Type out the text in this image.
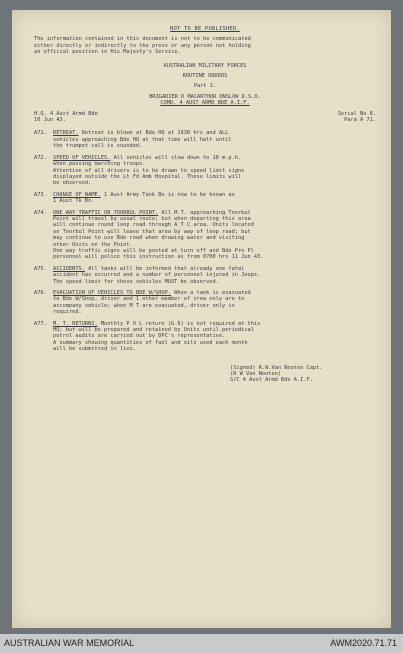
NOT TO BE PUBLISHED.
The information contained in this document is not to be communicated
either directly or indirectly to the press or any person not holding
an official position in His Majesty's Service.
AUSTRALIAN MILITARY FORCES
ROUTINE ORDERS
Part 1.
BRIGADIER D MACARTHUR ONSLOW D.S.O.
COMD. 4 AUST ARMD BDE A.I.F.
H.Q. 4 Aust Armd Bde	Serial No 8.
10 Jun 43.	Para A 71.
A71.	RETREAT. Retreat is blown at Bde HQ at 1630 hrs and ALL
vehicles approaching Bde HQ at that time will halt until
the trumpet call is sounded.
A72.	SPEED OF VEHICLES. All vehicles will slow down to 10 m.p.h.
when passing marching troops.
Attention of all drivers is to be drawn to speed limit signs
displayed outside the Lt Fd Amb Hospital. These limits will
be observed.
A73.	CHANGE OF NAME. 1 Aust Army Tank Bn is now to be known as
1 Aust Tk Bn.
A74.	ONE WAY TRAFFIC ON TOORBUL POINT. All M.T. approaching Toorbul
Point will travel by usual route; but when departing this area
will continue round loop road through A T C area. Units located
on Toorbul Point will leave that area by way of loop road; but
may continue to use Bde road when drawing water and visiting
other Units on the Point.
One way traffic signs will be posted at turn off and Bde Pro Pl
personnel will police this instruction as from 0700 hrs 11 Jun 43.
A75.	ACCIDENTS. All tanks will be informed that already one fatal
accident has occurred and a number of personnel injured in Jeeps.
The speed limit for these vehicles MUST be observed.
A76.	EVACUATION OF VEHICLES TO BDE W/SHOP. When a tank is evacuated
to Bde W/Shop, driver and 1 other member of crew only are to
accompany vehicle; when M T are evacuated, driver only is
required.
A77.	M. T. RETURNS. Monthly P O L return (G 6) is not required at this
HQ; but will be prepared and retained by Units until periodical
petrol audits are carried out by DPC's representative.
A summary showing quantities of fuel and oils used each month
will be submitted in lieu.
(Signed) R.W.Van Nooten Capt.
(R W Van Nooten)
S/C 4 Aust Armd Bde A.I.F.
AUSTRALIAN WAR MEMORIAL	AWM2020.71.71
